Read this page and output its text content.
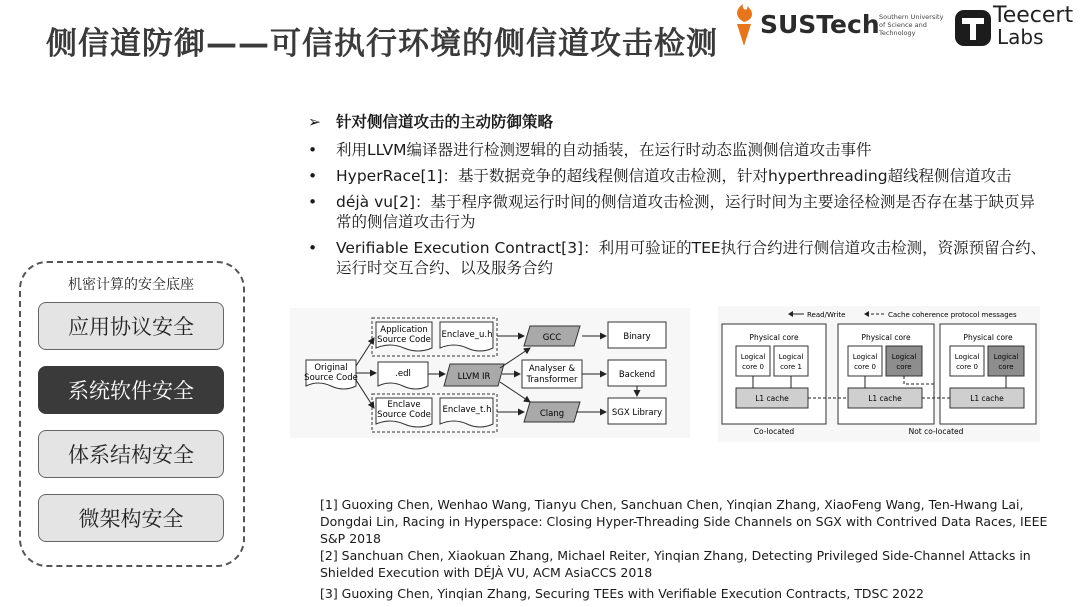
侧信道防御——可信执行环境的侧信道攻击检测
SUSTech Southern University
of Science and
Technology
Teecert
Labs
机密计算的安全底座
应用协议安全
系统软件安全
体系结构安全
微架构安全
➢ 针对侧信道攻击的主动防御策略
•	利用LLVM编译器进行检测逻辑的自动插装，在运行时动态监测侧信道攻击事件
•	HyperRace[1]：基于数据竞争的超线程侧信道攻击检测，针对hyperthreading超线程侧信道攻击
•	déjà vu[2]：基于程序微观运行时间的侧信道攻击检测，运行时间为主要途径检测是否存在基于缺页异常的侧信道攻击行为
•	Verifiable Execution Contract[3]：利用可验证的TEE执行合约进行侧信道攻击检测，资源预留合约、运行时交互合约、以及服务合约
Original
Source Code
Application
Source Code Enclave_u.h
.edl
Enclave
Source Code Enclave_t.h
GCC
LLVM IR
Clang
Analyser &
Transformer
Binary
Backend
SGX Library
Read/Write	Cache coherence protocol messages
Physical core
Logical
core 0
Logical
core 1
L1 cache
Physical core
Logical
core 0
Logical
core
L1 cache
Physical core
Logical
core 0
Logical
core
L1 cache
Co-located	Not co-located

[1] Guoxing Chen, Wenhao Wang, Tianyu Chen, Sanchuan Chen, Yinqian Zhang, XiaoFeng Wang, Ten-Hwang Lai, Dongdai Lin, Racing in Hyperspace: Closing Hyper-Threading Side Channels on SGX with Contrived Data Races, IEEE S&P 2018

[2] Sanchuan Chen, Xiaokuan Zhang, Michael Reiter, Yinqian Zhang, Detecting Privileged Side-Channel Attacks in Shielded Execution with DÉJÀ VU, ACM AsiaCCS 2018

[3] Guoxing Chen, Yinqian Zhang, Securing TEEs with Verifiable Execution Contracts, TDSC 2022
